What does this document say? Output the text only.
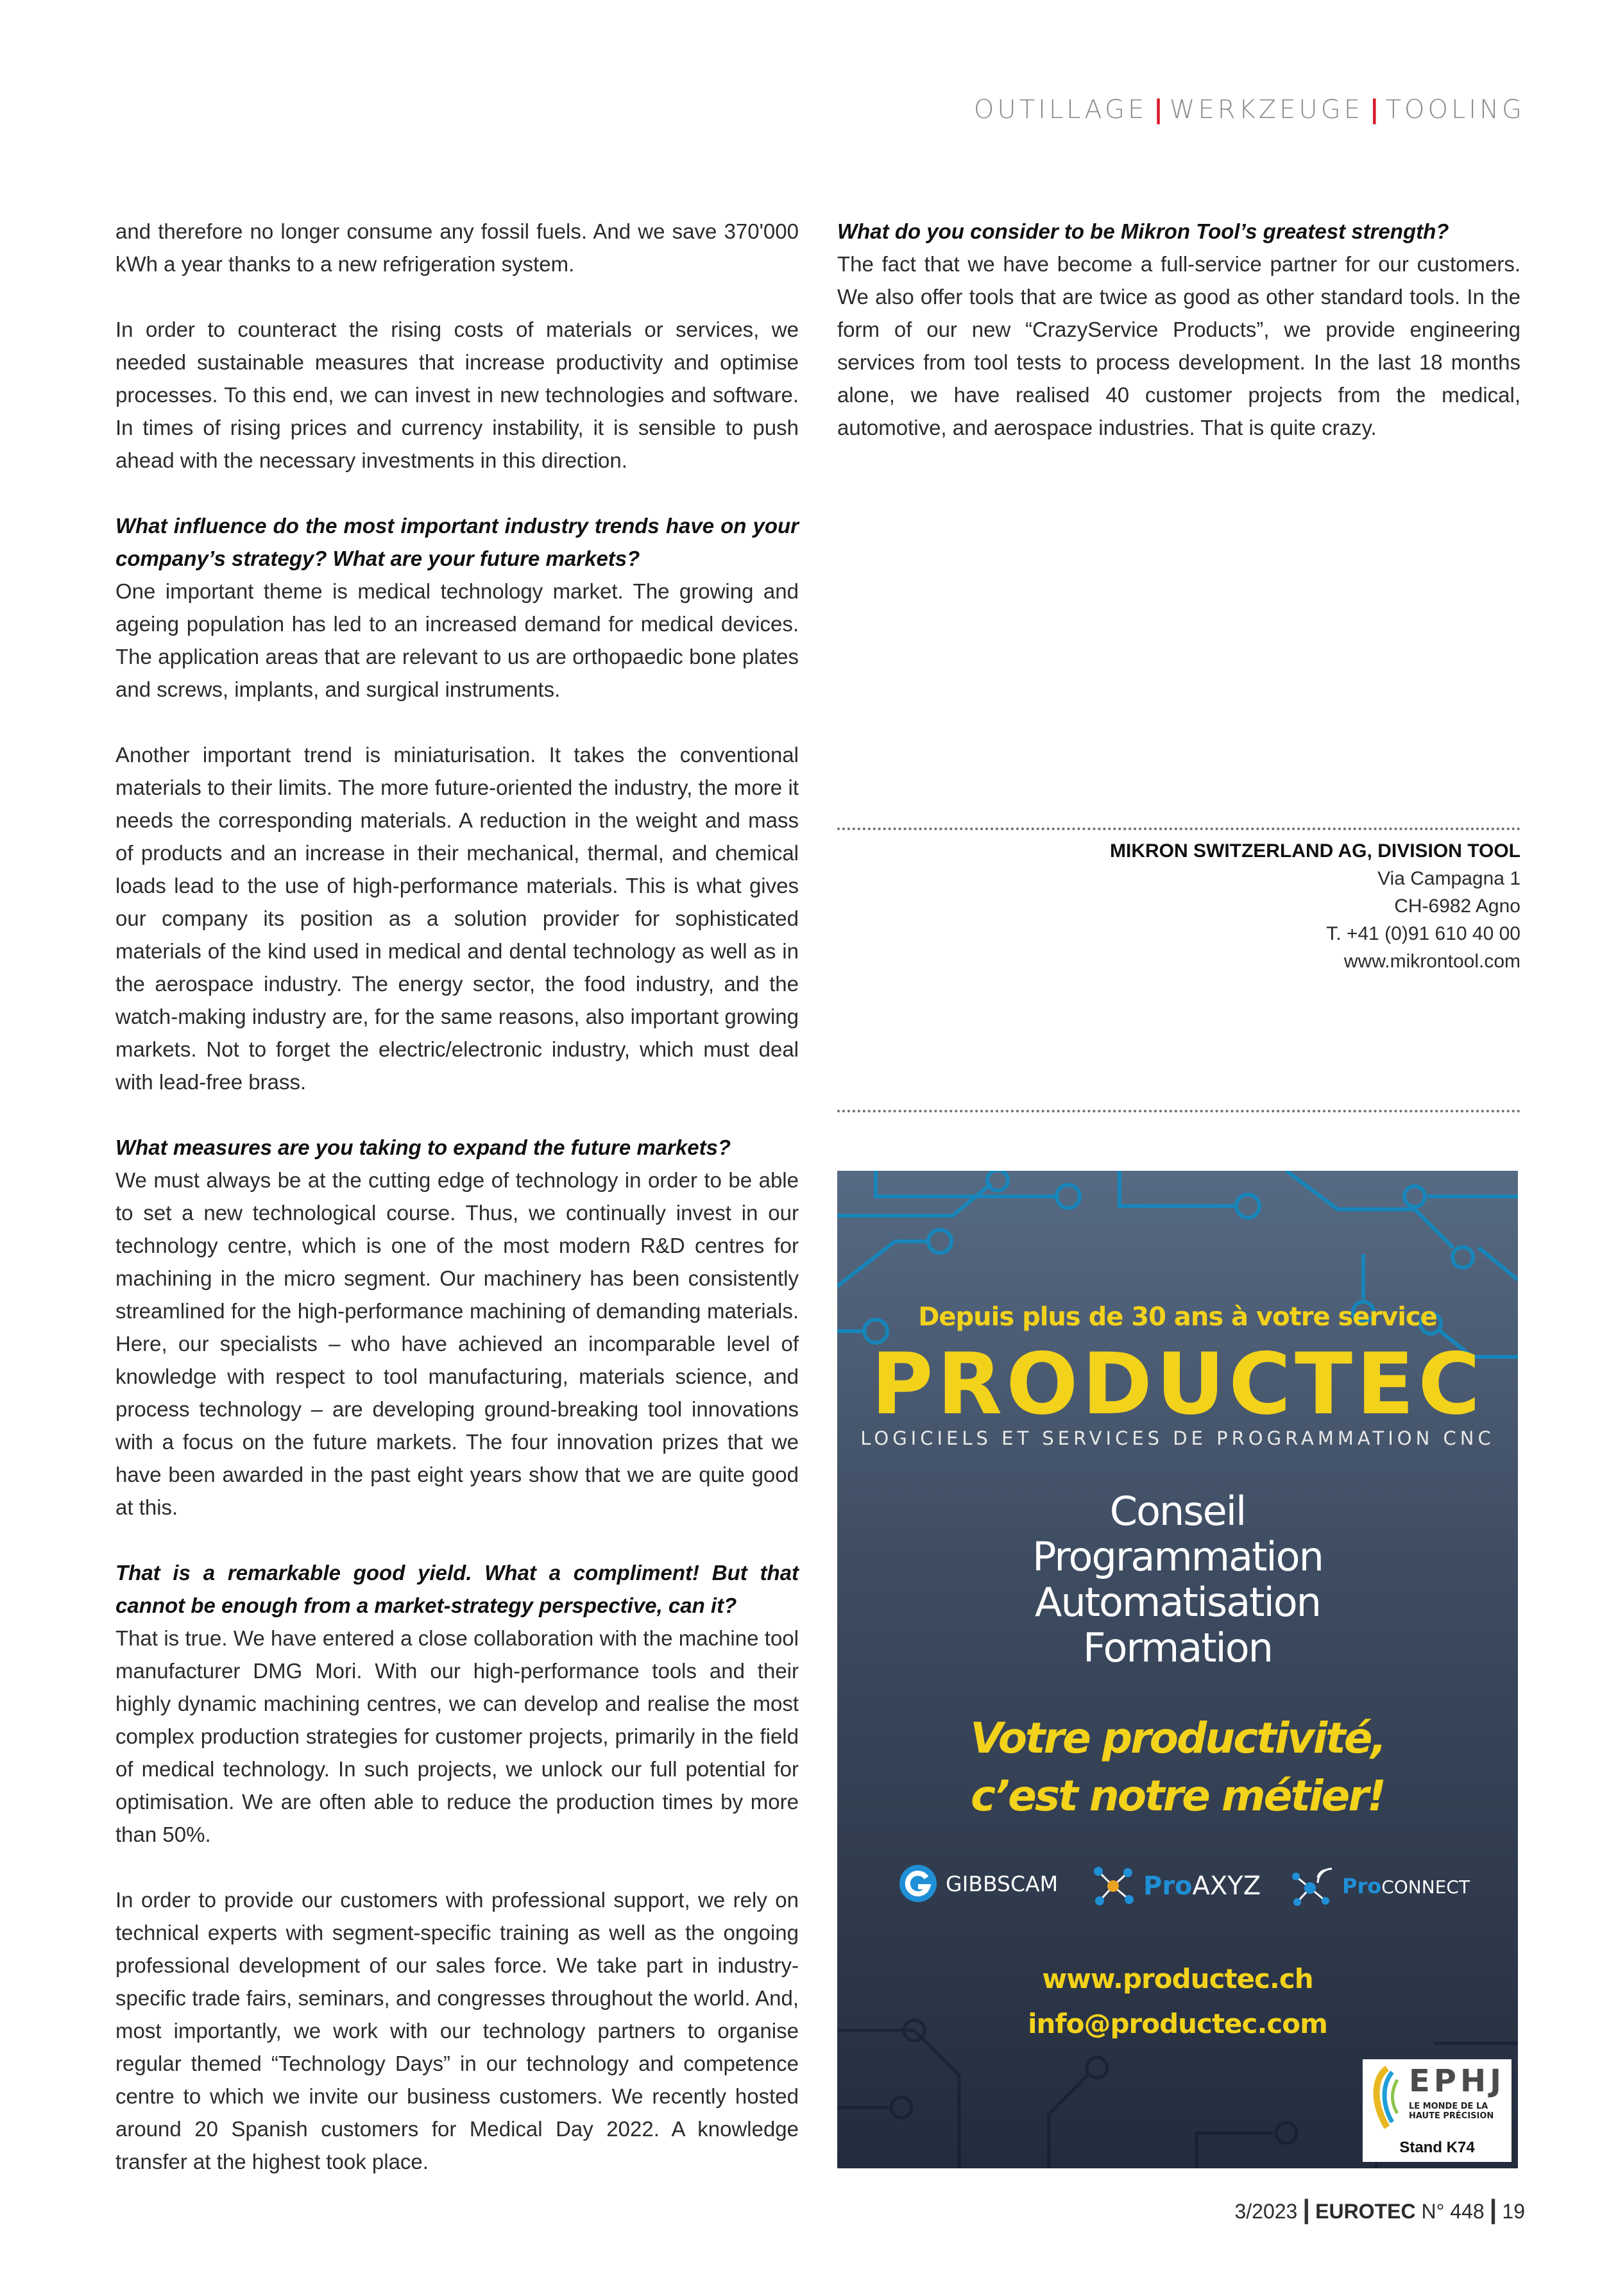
OUTILLAGE | WERKZEUGE | TOOLING

and therefore no longer consume any fossil fuels. And we save 370'000 kWh a year thanks to a new refrigeration system.

In order to counteract the rising costs of materials or services, we needed sustainable measures that increase productivity and optimise processes. To this end, we can invest in new technologies and software. In times of rising prices and currency instability, it is sensible to push ahead with the necessary investments in this direction.

What influence do the most important industry trends have on your company’s strategy? What are your future markets?

One important theme is medical technology market. The growing and ageing population has led to an increased demand for medical devices. The application areas that are relevant to us are orthopaedic bone plates and screws, implants, and surgical instruments.

Another important trend is miniaturisation. It takes the conventional materials to their limits. The more future-oriented the industry, the more it needs the corresponding materials. A reduction in the weight and mass of products and an increase in their mechanical, thermal, and chemical loads lead to the use of high-performance materials. This is what gives our company its position as a solution provider for sophisticated materials of the kind used in medical and dental technology as well as in the aerospace industry. The energy sector, the food industry, and the watch-making industry are, for the same reasons, also important growing markets. Not to forget the electric/electronic industry, which must deal with lead-free brass.

What measures are you taking to expand the future markets?

We must always be at the cutting edge of technology in order to be able to set a new technological course. Thus, we continually invest in our technology centre, which is one of the most modern R&D centres for machining in the micro segment. Our machinery has been consistently streamlined for the high-performance machining of demanding materials. Here, our specialists – who have achieved an incomparable level of knowledge with respect to tool manufacturing, materials science, and process technology – are developing ground-breaking tool innovations with a focus on the future markets. The four innovation prizes that we have been awarded in the past eight years show that we are quite good at this.

That is a remarkable good yield. What a compliment! But that cannot be enough from a market-strategy perspective, can it?

That is true. We have entered a close collaboration with the machine tool manufacturer DMG Mori. With our high-performance tools and their highly dynamic machining centres, we can develop and realise the most complex production strategies for customer projects, primarily in the field of medical technology. In such projects, we unlock our full potential for optimisation. We are often able to reduce the production times by more than 50%.

In order to provide our customers with professional support, we rely on technical experts with segment-specific training as well as the ongoing professional development of our sales force. We take part in industry-specific trade fairs, seminars, and congresses throughout the world. And, most importantly, we work with our technology partners to organise regular themed “Technology Days” in our technology and competence centre to which we invite our business customers. We recently hosted around 20 Spanish customers for Medical Day 2022. A knowledge transfer at the highest took place.

What do you consider to be Mikron Tool’s greatest strength?

The fact that we have become a full-service partner for our customers. We also offer tools that are twice as good as other standard tools. In the form of our new “CrazyService Products”, we provide engineering services from tool tests to process development. In the last 18 months alone, we have realised 40 customer projects from the medical, automotive, and aerospace industries. That is quite crazy.

MIKRON SWITZERLAND AG, DIVISION TOOL
Via Campagna 1
CH-6982 Agno
T. +41 (0)91 610 40 00
www.mikrontool.com
Depuis plus de 30 ans à votre service
PRODUCTEC
LOGICIELS ET SERVICES DE PROGRAMMATION CNC
Conseil
Programmation
Automatisation
Formation
Votre productivité,
c’est notre métier!
GIBBSCAM	ProAXYZ	ProCONNECT
www.productec.ch
info@productec.com
EPHJ
LE MONDE DE LA
HAUTE PRÉCISION
Stand K74
3/2023 | EUROTEC N° 448 | 19
